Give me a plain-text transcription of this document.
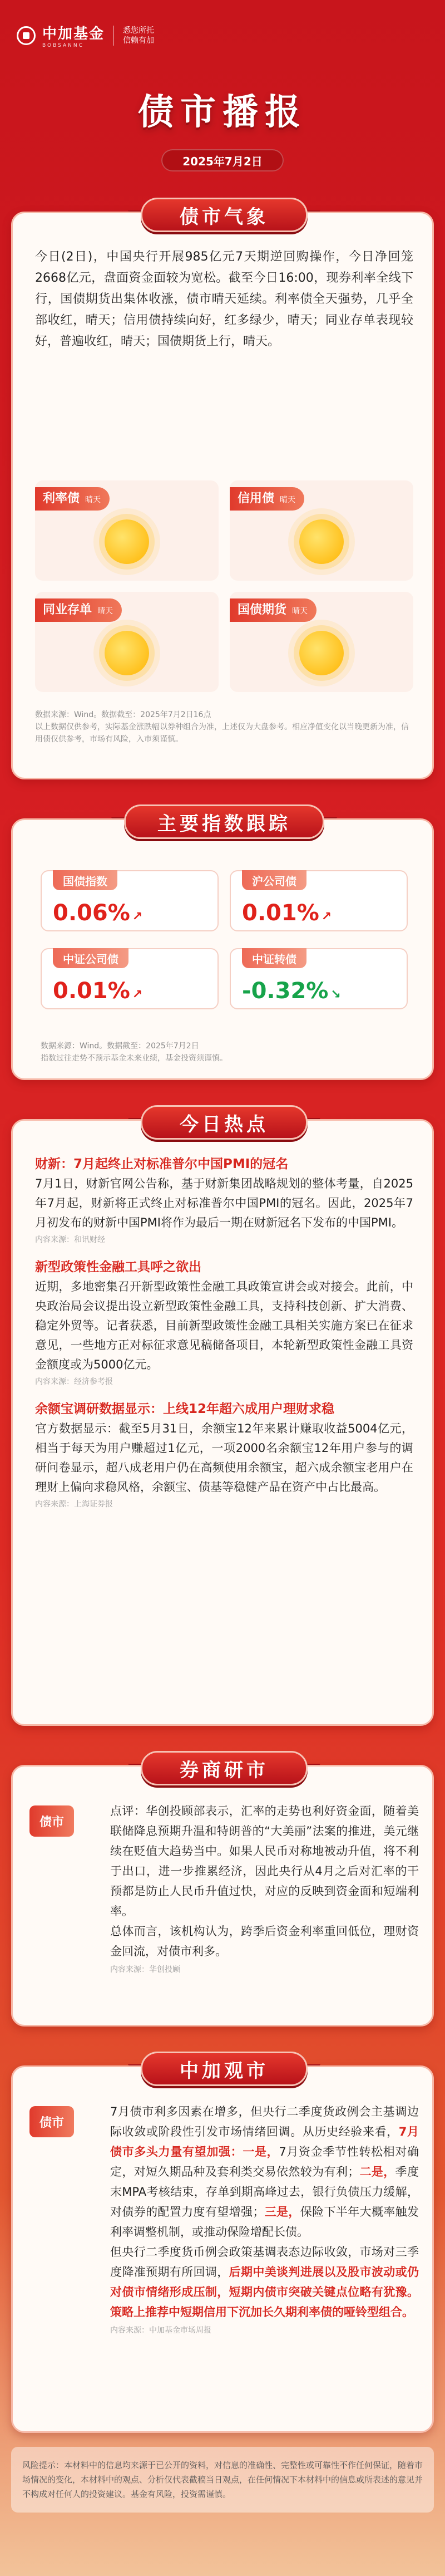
中加基金
BOBSANNC
悉您所托
信赖有加
债市播报
2025年7月2日
债市气象
今日(2日)，中国央行开展985亿元7天期逆回购操作，今日净回笼2668亿元，盘面资金面较为宽松。截至今日16:00，现券利率全线下行，国债期货出集体收涨，债市晴天延续。利率债全天强势，几乎全部收红，晴天；信用债持续向好，红多绿少，晴天；同业存单表现较好，普遍收红，晴天；国债期货上行，晴天。
利率债 晴天	信用债 晴天
同业存单 晴天	国债期货 晴天
数据来源：Wind。数据截至：2025年7月2日16点
以上数据仅供参考，实际基金涨跌幅以券种组合为准，上述仅为大盘参考。相应净值变化以当晚更新为准，信用债仅供参考，市场有风险，入市须谨慎。
主要指数跟踪
国债指数
0.06% ↗
沪公司债
0.01% ↗
中证公司债
0.01% ↗
中证转债
-0.32% ↘
数据来源：Wind。数据截至：2025年7月2日
指数过往走势不预示基金未来业绩，基金投资须谨慎。
今日热点
财新：7月起终止对标准普尔中国PMI的冠名
7月1日，财新官网公告称，基于财新集团战略规划的整体考量，自2025年7月起，财新将正式终止对标准普尔中国PMI的冠名。因此，2025年7月初发布的财新中国PMI将作为最后一期在财新冠名下发布的中国PMI。
内容来源：和讯财经
新型政策性金融工具呼之欲出
近期，多地密集召开新型政策性金融工具政策宣讲会或对接会。此前，中央政治局会议提出设立新型政策性金融工具，支持科技创新、扩大消费、稳定外贸等。记者获悉，目前新型政策性金融工具相关实施方案已在征求意见，一些地方正对标征求意见稿储备项目，本轮新型政策性金融工具资金额度或为5000亿元。
内容来源：经济参考报
余额宝调研数据显示：上线12年超六成用户理财求稳
官方数据显示：截至5月31日，余额宝12年来累计赚取收益5004亿元，相当于每天为用户赚超过1亿元，一项2000名余额宝12年用户参与的调研问卷显示，超八成老用户仍在高频使用余额宝，超六成余额宝老用户在理财上偏向求稳风格，余额宝、债基等稳健产品在资产中占比最高。
内容来源：上海证券报
券商研市
债市

点评：华创投顾部表示，汇率的走势也利好资金面，随着美联储降息预期升温和特朗普的“大美丽”法案的推进，美元继续在贬值大趋势当中。如果人民币对称地被动升值，将不利于出口，进一步推累经济，因此央行从4月之后对汇率的干预都是防止人民币升值过快，对应的反映到资金面和短端利率。

总体而言，该机构认为，跨季后资金利率重回低位，理财资金回流，对债市利多。

内容来源：华创投顾
中加观市
债市

7月债市利多因素在增多，但央行二季度货政例会主基调边际收敛或阶段性引发市场情绪回调。从历史经验来看，7月债市多头力量有望加强：一是，7月资金季节性转松相对确定，对短久期品种及套利类交易依然较为有利；二是，季度末MPA考核结束，存单到期高峰过去，银行负债压力缓解，对债券的配置力度有望增强；三是，保险下半年大概率触发利率调整机制，或推动保险增配长债。

但央行二季度货币例会政策基调表态边际收敛，市场对三季度降准预期有所回调，后期中美谈判进展以及股市波动或仍对债市情绪形成压制，短期内债市突破关键点位略有犹豫。策略上推荐中短期信用下沉加长久期利率债的哑铃型组合。

内容来源：中加基金市场周报
风险提示：本材料中的信息均来源于已公开的资料，对信息的准确性、完整性或可靠性不作任何保证，随着市场情况的变化，本材料中的观点、分析仅代表截稿当日观点，在任何情况下本材料中的信息或所表述的意见并不构成对任何人的投资建议。基金有风险，投资需谨慎。
